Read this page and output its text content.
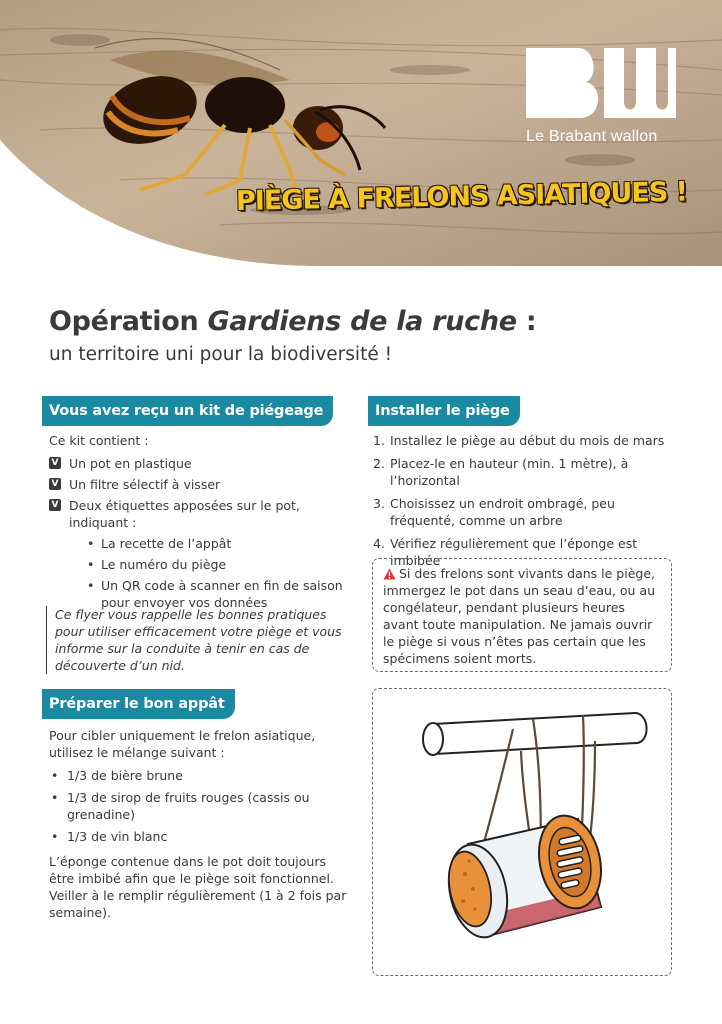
Le Brabant wallon
PIÈGE À FRELONS ASIATIQUES !
Opération Gardiens de la ruche :
un territoire uni pour la biodiversité !
Vous avez reçu un kit de piégeage

Ce kit contient :

V Un pot en plastique
V Un filtre sélectif à visser
V Deux étiquettes apposées sur le pot, indiquant :
• La recette de l’appât
• Le numéro du piège
• Un QR code à scanner en fin de saison pour envoyer vos données

Ce flyer vous rappelle les bonnes pratiques pour utiliser efficacement votre piège et vous informe sur la conduite à tenir en cas de découverte d’un nid.

Préparer le bon appât

Pour cibler uniquement le frelon asiatique, utilisez le mélange suivant :

• 1/3 de bière brune
• 1/3 de sirop de fruits rouges (cassis ou grenadine)
• 1/3 de vin blanc

L’éponge contenue dans le pot doit toujours être imbibé afin que le piège soit fonctionnel. Veiller à le remplir régulièrement (1 à 2 fois par semaine).

Installer le piège
1. Installez le piège au début du mois de mars
2. Placez-le en hauteur (min. 1 mètre), à l’horizontal
3. Choisissez un endroit ombragé, peu fréquenté, comme un arbre
4. Vérifiez régulièrement que l’éponge est imbibée

Si des frelons sont vivants dans le piège, immergez le pot dans un seau d’eau, ou au congélateur, pendant plusieurs heures avant toute manipulation. Ne jamais ouvrir le piège si vous n’êtes pas certain que les spécimens soient morts.
